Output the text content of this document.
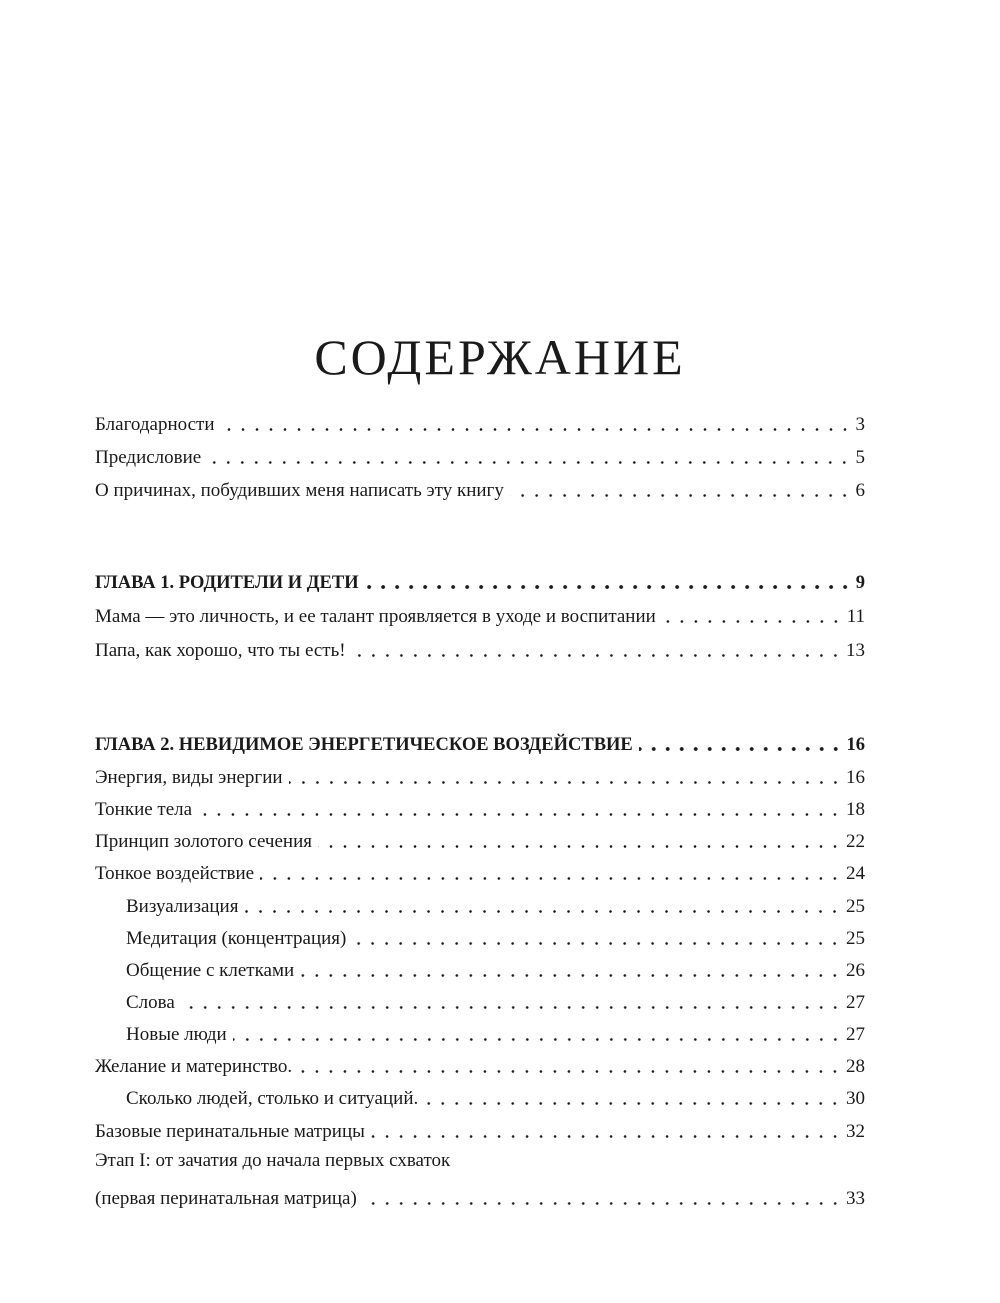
СОДЕРЖАНИЕ
Благодарности	3
Предисловие	5
О причинах, побудивших меня написать эту книгу	6
ГЛАВА 1. РОДИТЕЛИ И ДЕТИ	9
Мама — это личность, и ее талант проявляется в уходе и воспитании	11
Папа, как хорошо, что ты есть!	13
ГЛАВА 2. НЕВИДИМОЕ ЭНЕРГЕТИЧЕСКОЕ ВОЗДЕЙСТВИЕ	16
Энергия, виды энергии	16
Тонкие тела	18
Принцип золотого сечения	22
Тонкое воздействие	24
Визуализация	25
Медитация (концентрация)	25
Общение с клетками	26
Слова	27
Новые люди	27
Желание и материнство.	28
Сколько людей, столько и ситуаций.	30
Базовые перинатальные матрицы	32
Этап I: от зачатия до начала первых схваток
(первая перинатальная матрица)	33
